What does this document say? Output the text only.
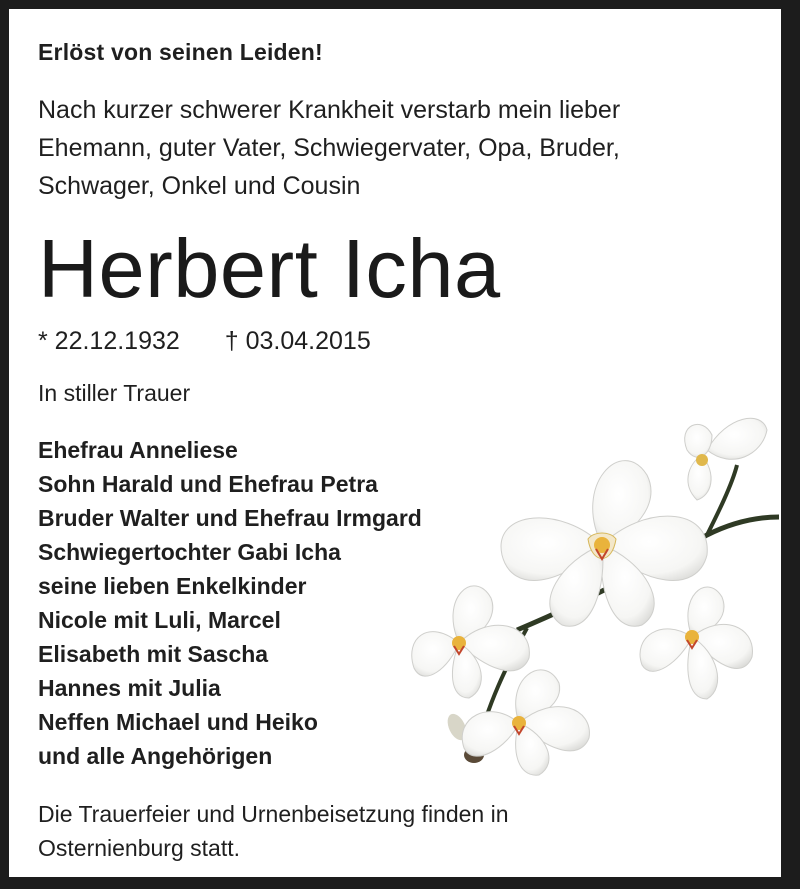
Erlöst von seinen Leiden!
Nach kurzer schwerer Krankheit verstarb mein lieber Ehemann, guter Vater, Schwiegervater, Opa, Bruder, Schwager, Onkel und Cousin
Herbert Icha
* 22.12.1932 † 03.04.2015
In stiller Trauer
Ehefrau Anneliese
Sohn Harald und Ehefrau Petra
Bruder Walter und Ehefrau Irmgard
Schwiegertochter Gabi Icha
seine lieben Enkelkinder
Nicole mit Luli, Marcel
Elisabeth mit Sascha
Hannes mit Julia
Neffen Michael und Heiko
und alle Angehörigen
Die Trauerfeier und Urnenbeisetzung finden in Osternienburg statt.
